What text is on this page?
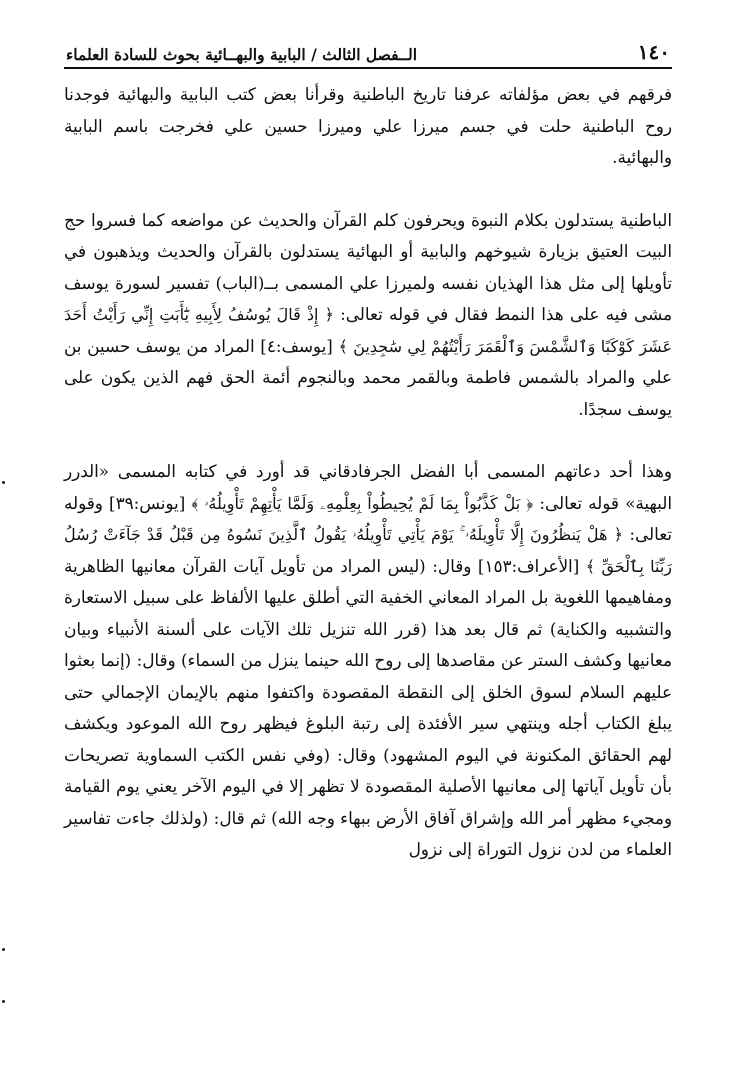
١٤٠
الــفصل الثالث / البابية والبهــائية بحوث للسادة العلماء

فرقهم في بعض مؤلفاته عرفنا تاريخ الباطنية وقرأنا بعض كتب البابية والبهائية فوجدنا روح الباطنية حلت في جسم ميرزا علي وميرزا حسين علي فخرجت باسم البابية والبهائية.

الباطنية يستدلون بكلام النبوة ويحرفون كلم القرآن والحديث عن مواضعه كما فسروا حج البيت العتيق بزيارة شيوخهم والبابية أو البهائية يستدلون بالقرآن والحديث ويذهبون في تأويلها إلى مثل هذا الهذيان نفسه ولميرزا علي المسمى بــ(الباب) تفسير لسورة يوسف مشى فيه على هذا النمط فقال في قوله تعالى: ﴿ إِذْ قَالَ يُوسُفُ لِأَبِيهِ يَٰٓأَبَتِ إِنِّي رَأَيْتُ أَحَدَ عَشَرَ كَوْكَبًا وَٱلشَّمْسَ وَٱلْقَمَرَ رَأَيْتُهُمْ لِي سَٰجِدِينَ ﴾ [يوسف:٤] المراد من يوسف حسين بن علي والمراد بالشمس فاطمة وبالقمر محمد وبالنجوم أئمة الحق فهم الذين يكون على يوسف سجدًا.

وهذا أحد دعاتهم المسمى أبا الفضل الجرفادقاني قد أورد في كتابه المسمى «الدرر البهية» قوله تعالى: ﴿ بَلْ كَذَّبُواْ بِمَا لَمْ يُحِيطُواْ بِعِلْمِهِۦ وَلَمَّا يَأْتِهِمْ تَأْوِيلُهُۥ ﴾ [يونس:٣٩] وقوله تعالى: ﴿ هَلْ يَنظُرُونَ إِلَّا تَأْوِيلَهُۥ ۚ يَوْمَ يَأْتِي تَأْوِيلُهُۥ يَقُولُ ٱلَّذِينَ نَسُوهُ مِن قَبْلُ قَدْ جَآءَتْ رُسُلُ رَبِّنَا بِٱلْحَقِّ ﴾ [الأعراف:١٥٣] وقال: (ليس المراد من تأويل آيات القرآن معانيها الظاهرية ومفاهيمها اللغوية بل المراد المعاني الخفية التي أطلق عليها الألفاظ على سبيل الاستعارة والتشبيه والكناية) ثم قال بعد هذا (قرر الله تنزيل تلك الآيات على ألسنة الأنبياء وبيان معانيها وكشف الستر عن مقاصدها إلى روح الله حينما ينزل من السماء) وقال: (إنما بعثوا عليهم السلام لسوق الخلق إلى النقطة المقصودة واكتفوا منهم بالإيمان الإجمالي حتى يبلغ الكتاب أجله وينتهي سير الأفئدة إلى رتبة البلوغ فيظهر روح الله الموعود ويكشف لهم الحقائق المكنونة في اليوم المشهود) وقال: (وفي نفس الكتب السماوية تصريحات بأن تأويل آياتها إلى معانيها الأصلية المقصودة لا تظهر إلا في اليوم الآخر يعني يوم القيامة ومجيء مظهر أمر الله وإشراق آفاق الأرض ببهاء وجه الله) ثم قال: (ولذلك جاءت تفاسير العلماء من لدن نزول التوراة إلى نزول
